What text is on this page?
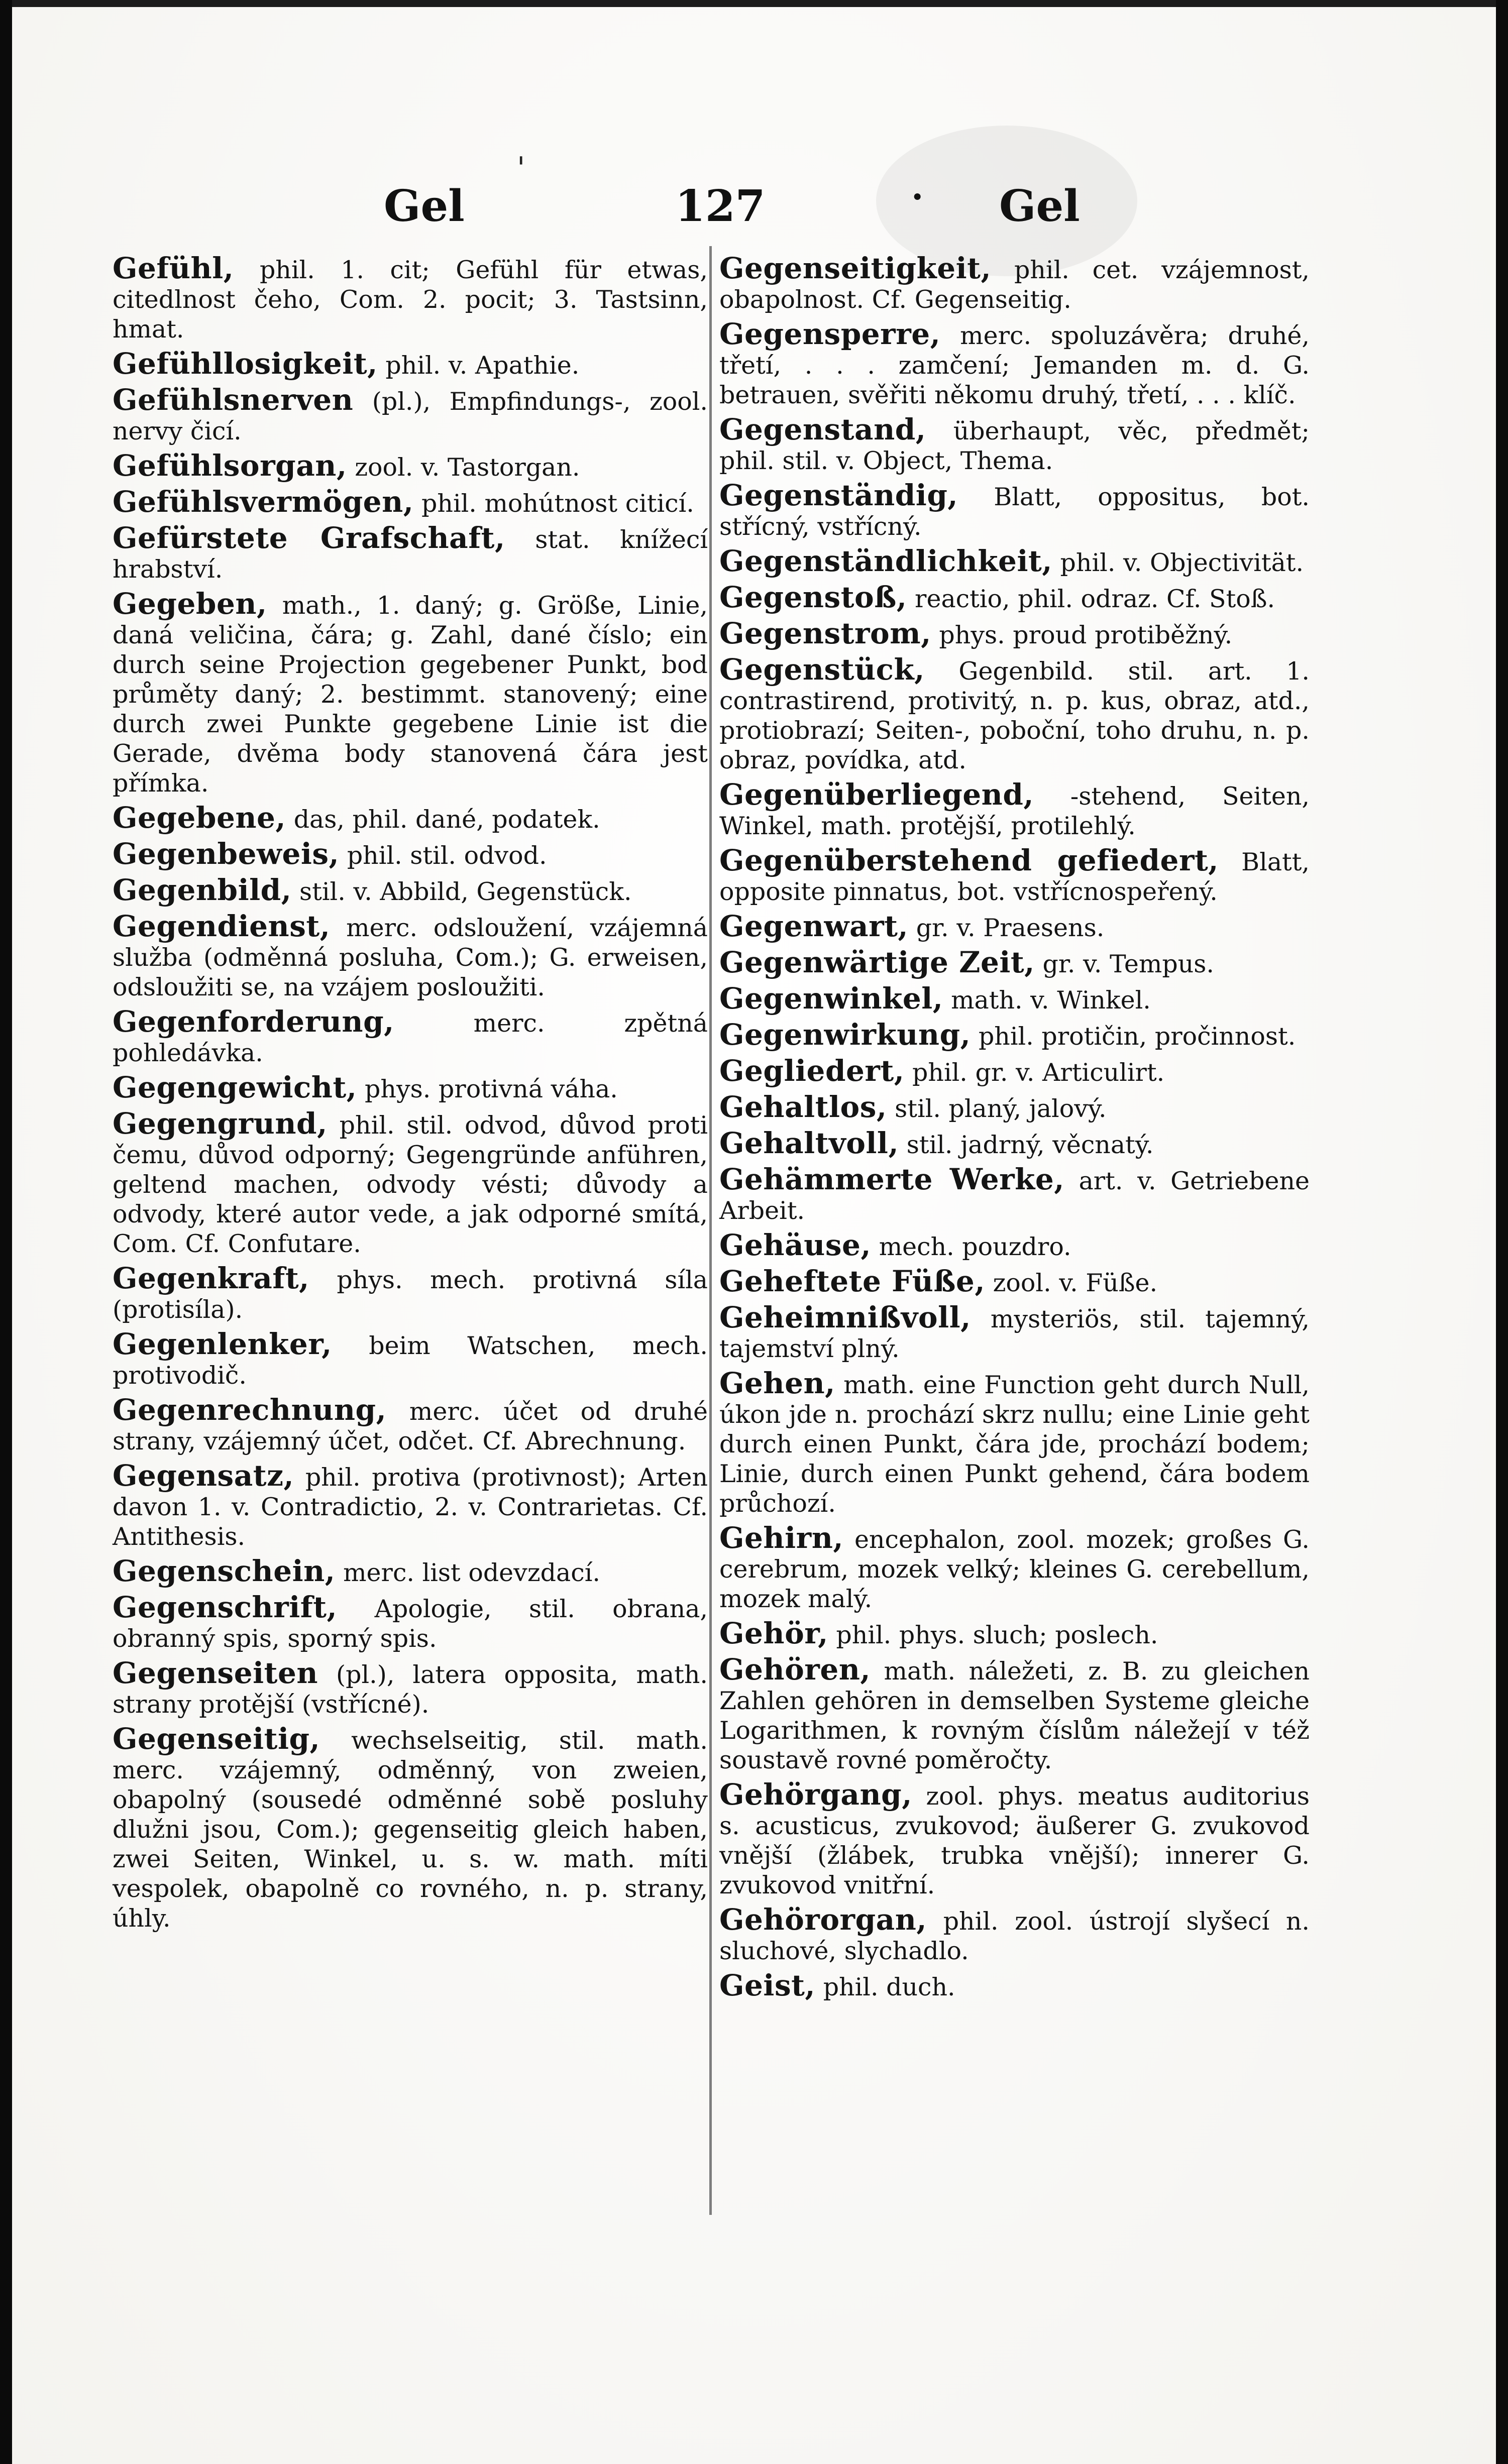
'
Gel	127	· Gel
Gefühl, phil. 1. cit; Gefühl für etwas, citedlnost čeho, Com. 2. pocit; 3. Tastsinn, hmat.
Gefühllosigkeit, phil. v. Apathie.
Gefühlsnerven (pl.), Empfindungs-, zool. nervy čicí.
Gefühlsorgan, zool. v. Tastorgan.
Gefühlsvermögen, phil. mohútnost citicí.
Gefürstete Grafschaft, stat. knížecí hrabství.
Gegeben, math., 1. daný; g. Größe, Linie, daná veličina, čára; g. Zahl, dané číslo; ein durch seine Projection gegebener Punkt, bod průměty daný; 2. bestimmt. stanovený; eine durch zwei Punkte gegebene Linie ist die Gerade, dvěma body stanovená čára jest přímka.
Gegebene, das, phil. dané, podatek.
Gegenbeweis, phil. stil. odvod.
Gegenbild, stil. v. Abbild, Gegenstück.
Gegendienst, merc. odsloužení, vzájemná služba (odměnná posluha, Com.); G. erweisen, odsloužiti se, na vzájem posloužiti.
Gegenforderung,	merc. zpětná pohledávka.
Gegengewicht, phys. protivná váha.
Gegengrund, phil. stil. odvod, důvod proti čemu, důvod odporný; Gegengründe anführen, geltend machen, odvody vésti; důvody a odvody, které autor vede, a jak odporné smítá, Com. Cf. Confutare.
Gegenkraft, phys. mech. protivná síla (protisíla).
Gegenlenker, beim Watschen, mech. protivodič.
Gegenrechnung, merc. účet od druhé strany, vzájemný účet, odčet. Cf. Abrechnung.
Gegensatz, phil. protiva (protivnost); Arten davon 1. v. Contradictio, 2. v. Contrarietas. Cf. Antithesis.
Gegenschein, merc. list odevzdací.
Gegenschrift, Apologie, stil. obrana, obranný spis, sporný spis.
Gegenseiten (pl.), latera opposita, math. strany protější (vstřícné).
Gegenseitig, wechselseitig, stil. math. merc. vzájemný, odměnný, von zweien, obapolný (sousedé odměnné sobě posluhy dlužni jsou, Com.); gegenseitig gleich haben, zwei Seiten, Winkel, u. s. w. math. míti vespolek, obapolně co rovného, n. p. strany, úhly.
Gegenseitigkeit, phil. cet. vzájemnost, obapolnost. Cf. Gegenseitig.
Gegensperre, merc. spoluzávěra; druhé, třetí, . . . zamčení; Jemanden m. d. G. betrauen, svěřiti někomu druhý, třetí, . . . klíč.
Gegenstand, überhaupt, věc, předmět; phil. stil. v. Object, Thema.
Gegenständig, Blatt, oppositus, bot. střícný, vstřícný.
Gegenständlichkeit, phil. v. Objectivität.
Gegenstoß, reactio, phil. odraz. Cf. Stoß.
Gegenstrom, phys. proud protiběžný.
Gegenstück, Gegenbild. stil. art. 1. contrastirend, protivitý, n. p. kus, obraz, atd., protiobrazí; Seiten-, poboční, toho druhu, n. p. obraz, povídka, atd.
Gegenüberliegend, -stehend, Seiten, Winkel, math. protější, protilehlý.
Gegenüberstehend gefiedert, Blatt, opposite pinnatus, bot. vstřícnospeřený.
Gegenwart, gr. v. Praesens.
Gegenwärtige Zeit, gr. v. Tempus.
Gegenwinkel, math. v. Winkel.
Gegenwirkung, phil. protičin, pročinnost.
Gegliedert, phil. gr. v. Articulirt.
Gehaltlos, stil. planý, jalový.
Gehaltvoll, stil. jadrný, věcnatý.
Gehämmerte Werke, art. v. Getriebene Arbeit.
Gehäuse, mech. pouzdro.
Geheftete Füße, zool. v. Füße.
Geheimnißvoll, mysteriös, stil. tajemný, tajemství plný.
Gehen, math. eine Function geht durch Null, úkon jde n. prochází skrz nullu; eine Linie geht durch einen Punkt, čára jde, prochází bodem; Linie, durch einen Punkt gehend, čára bodem průchozí.
Gehirn, encephalon, zool. mozek; großes G. cerebrum, mozek velký; kleines G. cerebellum, mozek malý.
Gehör, phil. phys. sluch; poslech.
Gehören, math. náležeti, z. B. zu gleichen Zahlen gehören in demselben Systeme gleiche Logarithmen, k rovným číslům náležejí v též soustavě rovné poměročty.
Gehörgang, zool. phys. meatus auditorius s. acusticus, zvukovod; äußerer G. zvukovod vnější (žlábek, trubka vnější); innerer G. zvukovod vnitřní.
Gehörorgan, phil. zool. ústrojí slyšecí n. sluchové, slychadlo.
Geist, phil. duch.
